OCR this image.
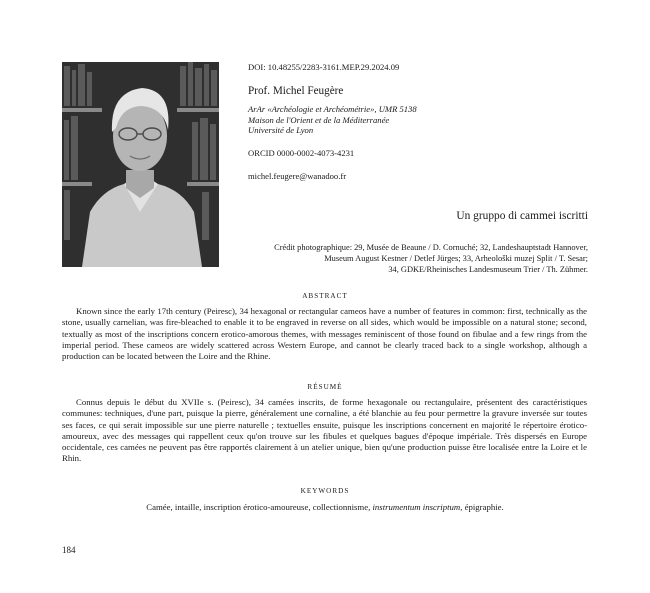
DOI: 10.48255/2283-3161.MEP.29.2024.09
Prof. Michel Feugère
ArAr «Archéologie et Archéométrie», UMR 5138
Maison de l'Orient et de la Méditerranée
Université de Lyon
ORCID 0000-0002-4073-4231
michel.feugere@wanadoo.fr
Un gruppo di cammei iscritti
Crédit photographique: 29, Musée de Beaune / D. Cornuché; 32, Landeshauptstadt Hannover,
Museum August Kestner / Detlef Jürges; 33, Arheološki muzej Split / T. Sesar;
34, GDKE/Rheinisches Landesmuseum Trier / Th. Zühmer.
ABSTRACT
Known since the early 17th century (Peiresc), 34 hexagonal or rectangular cameos have a number of features in common: first, technically as the stone, usually carnelian, was fire-bleached to enable it to be engraved in reverse on all sides, which would be impossible on a natural stone; second, textually as most of the inscriptions concern erotico-amorous themes, with messages reminiscent of those found on fibulae and a few rings from the imperial period. These cameos are widely scattered across Western Europe, and cannot be clearly traced back to a single workshop, although a production can be located between the Loire and the Rhine.
RÉSUMÉ
Connus depuis le début du XVIIe s. (Peiresc), 34 camées inscrits, de forme hexagonale ou rectangulaire, présentent des caractéristiques communes: techniques, d'une part, puisque la pierre, généralement une cornaline, a été blanchie au feu pour permettre la gravure inversée sur toutes ses faces, ce qui serait impossible sur une pierre naturelle ; textuelles ensuite, puisque les inscriptions concernent en majorité le répertoire érotico-amoureux, avec des messages qui rappellent ceux qu'on trouve sur les fibules et quelques bagues d'époque impériale. Très dispersés en Europe occidentale, ces camées ne peuvent pas être rapportés clairement à un atelier unique, bien qu'une production puisse être localisée entre la Loire et le Rhin.
KEYWORDS
Camée, intaille, inscription érotico-amoureuse, collectionnisme, instrumentum inscriptum, épigraphie.
184
